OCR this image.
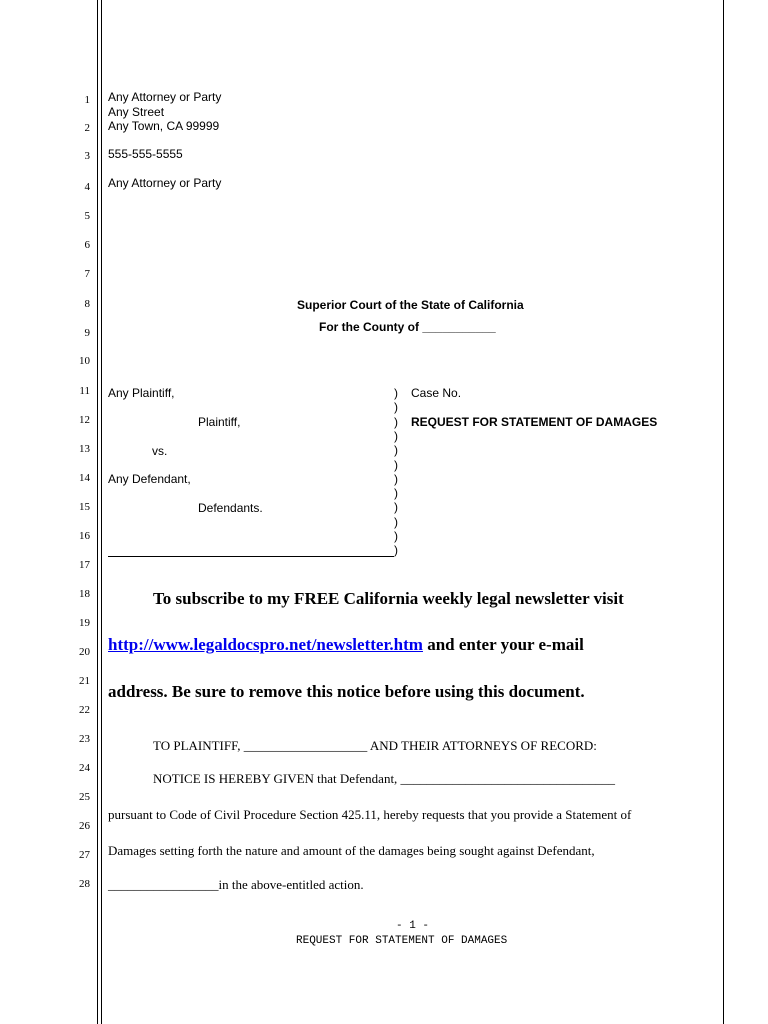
1
2
3
4
5
6
7
8
9
10
11
12
13
14
15
16
17
18
19
20
21
22
23
24
25
26
27
28
Any Attorney or Party
Any Street
Any Town, CA 99999
555-555-5555
Any Attorney or Party
Superior Court of the State of California
For the County of ___________
Any Plaintiff,
Plaintiff,
vs.
Any Defendant,
Defendants.
)
)
)
)
)
)
)
)
)
)
)
)
Case No.
REQUEST FOR STATEMENT OF DAMAGES
To subscribe to my FREE California weekly legal newsletter visit
http://www.legaldocspro.net/newsletter.htm and enter your e-mail
address. Be sure to remove this notice before using this document.
TO PLAINTIFF, ___________________ AND THEIR ATTORNEYS OF RECORD:
NOTICE IS HEREBY GIVEN that Defendant, _________________________________
pursuant to Code of Civil Procedure Section 425.11, hereby requests that you provide a Statement of
Damages setting forth the nature and amount of the damages being sought against Defendant,
_________________in the above-entitled action.
- 1 -
REQUEST FOR STATEMENT OF DAMAGES
